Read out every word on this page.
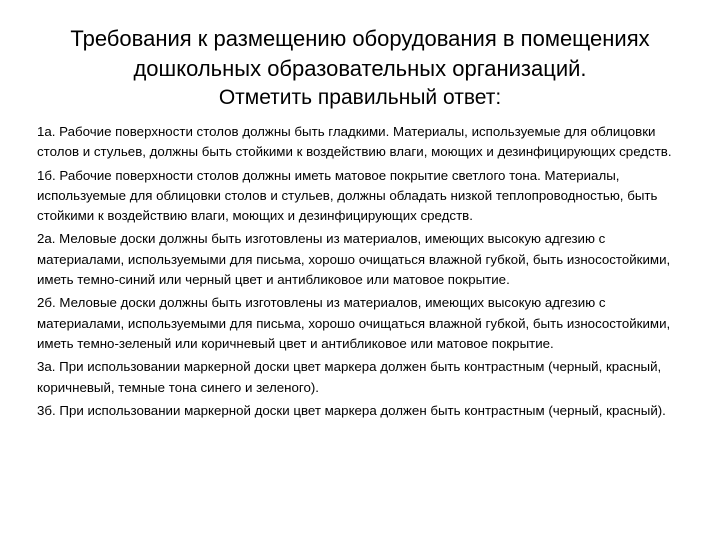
Требования к размещению оборудования в помещениях

дошкольных образовательных организаций.

Отметить правильный ответ:

1а. Рабочие поверхности столов должны быть гладкими. Материалы, используемые для облицовки столов и стульев, должны быть стойкими к воздействию влаги, моющих и дезинфицирующих средств.

1б. Рабочие поверхности столов должны иметь матовое покрытие светлого тона. Материалы, используемые для облицовки столов и стульев, должны обладать низкой теплопроводностью, быть стойкими к воздействию влаги, моющих и дезинфицирующих средств.

2а. Меловые доски должны быть изготовлены из материалов, имеющих высокую адгезию с материалами, используемыми для письма, хорошо очищаться влажной губкой, быть износостойкими, иметь темно-синий или черный цвет и антибликовое или матовое покрытие.

2б. Меловые доски должны быть изготовлены из материалов, имеющих высокую адгезию с материалами, используемыми для письма, хорошо очищаться влажной губкой, быть износостойкими, иметь темно-зеленый или коричневый цвет и антибликовое или матовое покрытие.

3а. При использовании маркерной доски цвет маркера должен быть контрастным (черный, красный, коричневый, темные тона синего и зеленого).

3б. При использовании маркерной доски цвет маркера должен быть контрастным (черный, красный).
